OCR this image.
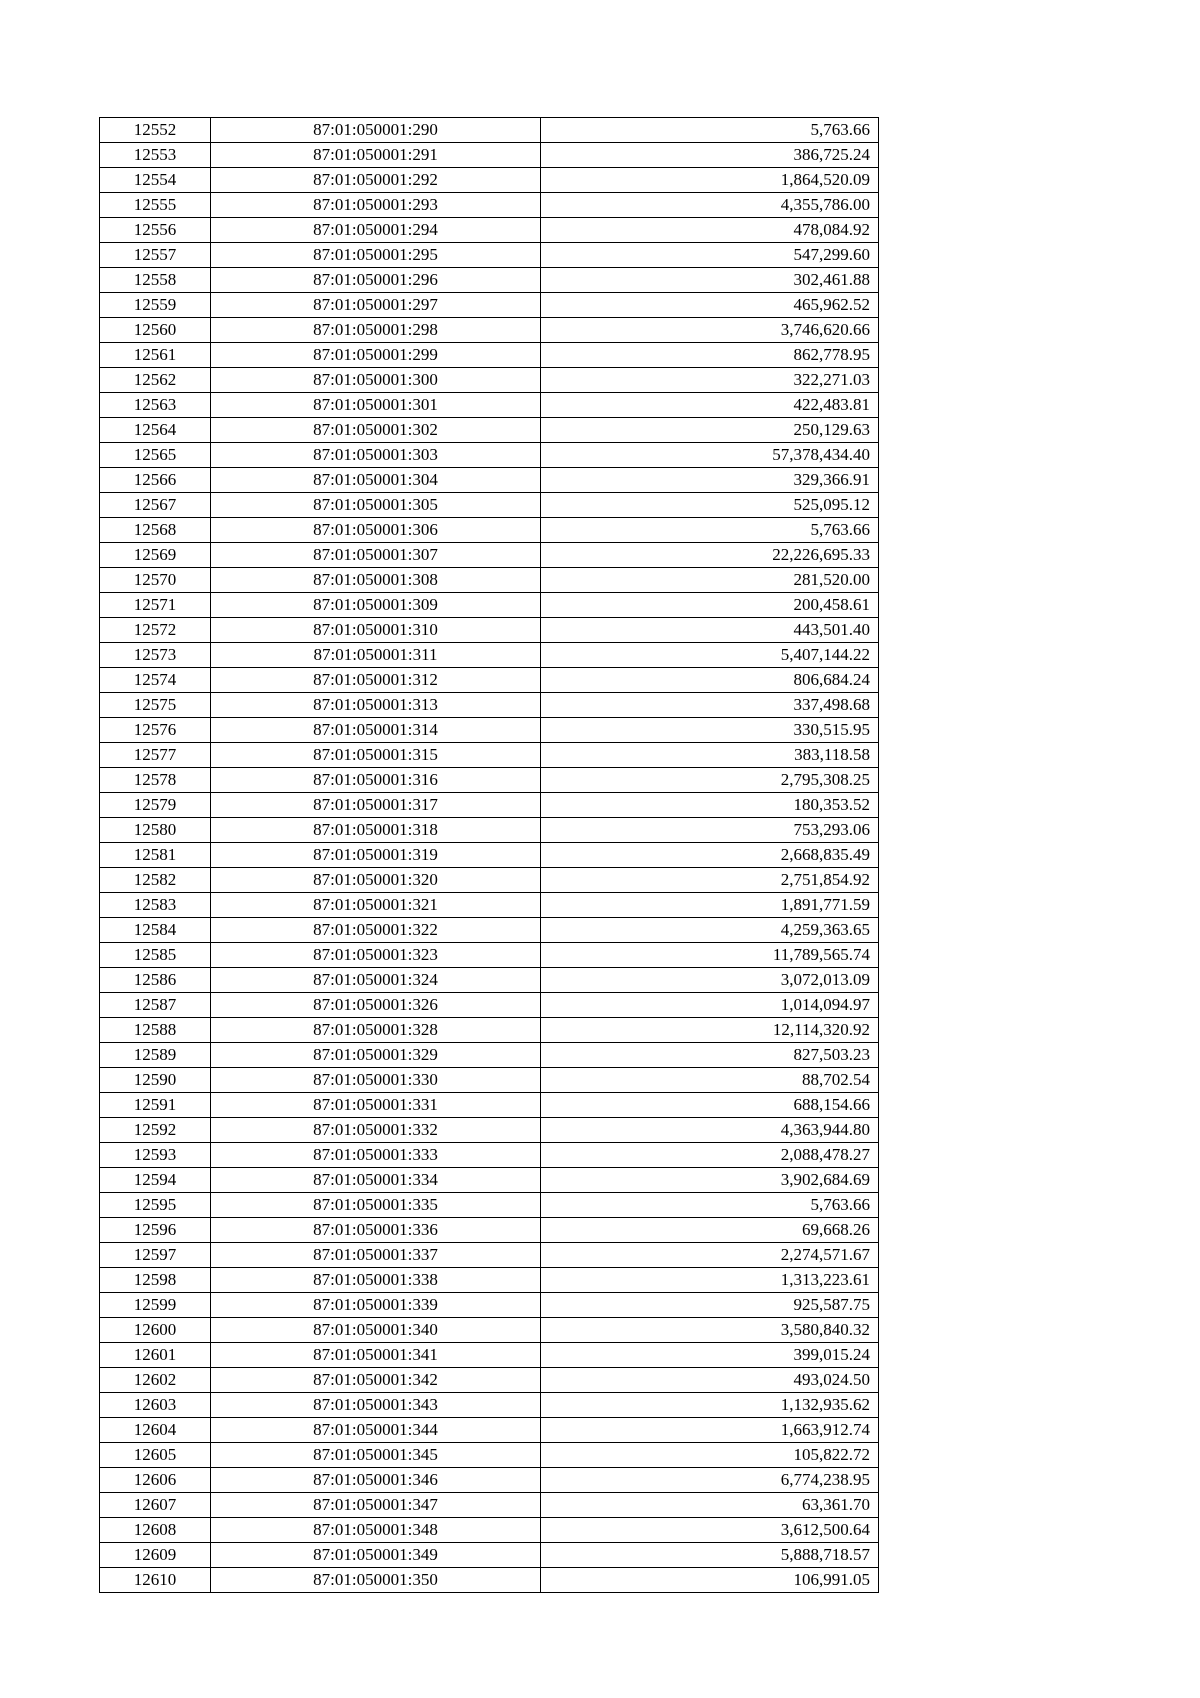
12552	87:01:050001:290	5,763.66
12553	87:01:050001:291	386,725.24
12554	87:01:050001:292	1,864,520.09
12555	87:01:050001:293	4,355,786.00
12556	87:01:050001:294	478,084.92
12557	87:01:050001:295	547,299.60
12558	87:01:050001:296	302,461.88
12559	87:01:050001:297	465,962.52
12560	87:01:050001:298	3,746,620.66
12561	87:01:050001:299	862,778.95
12562	87:01:050001:300	322,271.03
12563	87:01:050001:301	422,483.81
12564	87:01:050001:302	250,129.63
12565	87:01:050001:303	57,378,434.40
12566	87:01:050001:304	329,366.91
12567	87:01:050001:305	525,095.12
12568	87:01:050001:306	5,763.66
12569	87:01:050001:307	22,226,695.33
12570	87:01:050001:308	281,520.00
12571	87:01:050001:309	200,458.61
12572	87:01:050001:310	443,501.40
12573	87:01:050001:311	5,407,144.22
12574	87:01:050001:312	806,684.24
12575	87:01:050001:313	337,498.68
12576	87:01:050001:314	330,515.95
12577	87:01:050001:315	383,118.58
12578	87:01:050001:316	2,795,308.25
12579	87:01:050001:317	180,353.52
12580	87:01:050001:318	753,293.06
12581	87:01:050001:319	2,668,835.49
12582	87:01:050001:320	2,751,854.92
12583	87:01:050001:321	1,891,771.59
12584	87:01:050001:322	4,259,363.65
12585	87:01:050001:323	11,789,565.74
12586	87:01:050001:324	3,072,013.09
12587	87:01:050001:326	1,014,094.97
12588	87:01:050001:328	12,114,320.92
12589	87:01:050001:329	827,503.23
12590	87:01:050001:330	88,702.54
12591	87:01:050001:331	688,154.66
12592	87:01:050001:332	4,363,944.80
12593	87:01:050001:333	2,088,478.27
12594	87:01:050001:334	3,902,684.69
12595	87:01:050001:335	5,763.66
12596	87:01:050001:336	69,668.26
12597	87:01:050001:337	2,274,571.67
12598	87:01:050001:338	1,313,223.61
12599	87:01:050001:339	925,587.75
12600	87:01:050001:340	3,580,840.32
12601	87:01:050001:341	399,015.24
12602	87:01:050001:342	493,024.50
12603	87:01:050001:343	1,132,935.62
12604	87:01:050001:344	1,663,912.74
12605	87:01:050001:345	105,822.72
12606	87:01:050001:346	6,774,238.95
12607	87:01:050001:347	63,361.70
12608	87:01:050001:348	3,612,500.64
12609	87:01:050001:349	5,888,718.57
12610	87:01:050001:350	106,991.05
